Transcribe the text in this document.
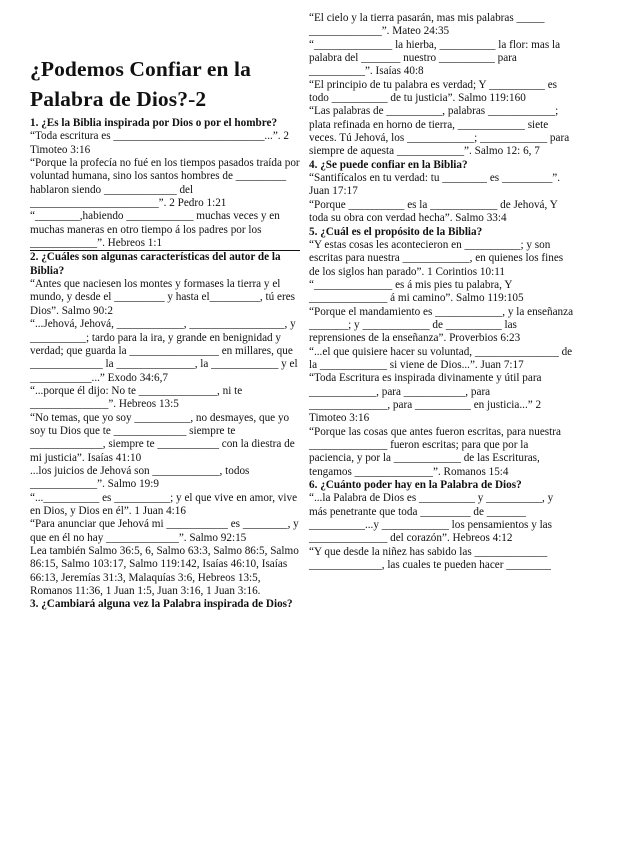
¿Podemos Confiar en la Palabra de Dios?-2

1. ¿Es la Biblia inspirada por Dios o por el hombre?

“Toda escritura es ___________________________...”. 2 Timoteo 3:16

“Porque la profecía no fué en los tiempos pasados traída por voluntad humana, sino los santos hombres de _________ hablaron siendo _____________ del _______________________”. 2 Pedro 1:21

“________,habiendo ____________ muchas veces y en muchas maneras en otro tiempo á los padres por los ____________”. Hebreos 1:1

2. ¿Cuáles son algunas características del autor de la Biblia?

“Antes que naciesen los montes y formases la tierra y el mundo, y desde el _________ y hasta el_________, tú eres Dios”. Salmo 90:2

“...Jehová, Jehová, ____________, _________________, y __________; tardo para la ira, y grande en benignidad y verdad; que guarda la ________________ en millares, que _____________ la ______________, la ____________ y el ___________...” Exodo 34:6,7

“...porque él dijo: No te ______________, ni te ______________”. Hebreos 13:5

“No temas, que yo soy __________, no desmayes, que yo soy tu Dios que te _____________ siempre te _____________, siempre te ___________ con la diestra de mi justicia”. Isaías 41:10

...los juicios de Jehová son ____________, todos ____________”. Salmo 19:9

“...__________ es __________; y el que vive en amor, vive en Dios, y Dios en él”. 1 Juan 4:16

“Para anunciar que Jehová mi ___________ es ________, y que en él no hay _____________”. Salmo 92:15

Lea también Salmo 36:5, 6, Salmo 63:3, Salmo 86:5, Salmo 86:15, Salmo 103:17, Salmo 119:142, Isaías 46:10, Isaías 66:13, Jeremías 31:3, Malaquías 3:6, Hebreos 13:5, Romanos 11:36, 1 Juan 1:5, Juan 3:16, 1 Juan 3:16.

3. ¿Cambiará alguna vez la Palabra inspirada de Dios?

“El cielo y la tierra pasarán, mas mis palabras _____ _____________”. Mateo 24:35

“______________ la hierba, __________ la flor: mas la palabra del _______ nuestro __________ para __________”. Isaías 40:8

“El principio de tu palabra es verdad; Y __________ es todo __________ de tu justicia”. Salmo 119:160

“Las palabras de __________, palabras ____________; plata refinada en horno de tierra, ____________ siete veces. Tú Jehová, los ____________; ____________ para siempre de aquesta ____________”. Salmo 12: 6, 7

4. ¿Se puede confiar en la Biblia?

“Santifícalos en tu verdad: tu ________ es _________”. Juan 17:17

“Porque __________ es la ____________ de Jehová, Y toda su obra con verdad hecha”. Salmo 33:4

5. ¿Cuál es el propósito de la Biblia?

“Y estas cosas les acontecieron en __________; y son escritas para nuestra ____________, en quienes los fines de los siglos han parado”. 1 Corintios 10:11

“______________ es á mis pies tu palabra, Y ______________ á mi camino”. Salmo 119:105

“Porque el mandamiento es ____________, y la enseñanza _______; y ____________ de __________ las reprensiones de la enseñanza”. Proverbios 6:23

“...el que quisiere hacer su voluntad, _______________ de la ____________ si viene de Dios...”. Juan 7:17

“Toda Escritura es inspirada divinamente y útil para ____________, para ___________, para ______________, para __________ en justicia...” 2 Timoteo 3:16

“Porque las cosas que antes fueron escritas, para nuestra ______________ fueron escritas; para que por la paciencia, y por la ____________ de las Escrituras, tengamos ______________”. Romanos 15:4

6. ¿Cuánto poder hay en la Palabra de Dios?

“...la Palabra de Dios es __________ y __________, y más penetrante que toda _________ de _______ __________...y ____________ los pensamientos y las ______________ del corazón”. Hebreos 4:12

“Y que desde la niñez has sabido las _____________ _____________, las cuales te pueden hacer ________
